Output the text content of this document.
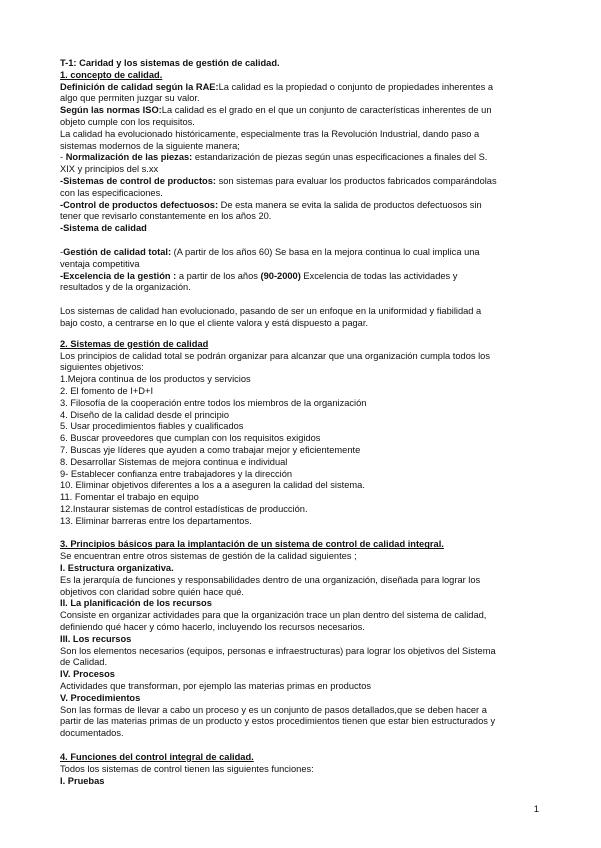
T-1: Caridad y los sistemas de gestión de calidad.
1. concepto de calidad.
Definición de calidad según la RAE:La calidad es la propiedad o conjunto de propiedades inherentes a
algo que permiten juzgar su valor.
Según las normas ISO:La calidad es el grado en el que un conjunto de características inherentes de un
objeto cumple con los requisitos.
La calidad ha evolucionado históricamente, especialmente tras la Revolución Industrial, dando paso a
sistemas modernos de la siguiente manera;
- Normalización de las piezas: estandarización de piezas según unas especificaciones a finales del S.
XIX y principios del s.xx
-Sistemas de control de productos: son sistemas para evaluar los productos fabricados comparándolas
con las especificaciones.
-Control de productos defectuosos: De esta manera se evita la salida de productos defectuosos sin
tener que revisarlo constantemente en los años 20.
-Sistema de calidad
-Gestión de calidad total: (A partir de los años 60) Se basa en la mejora continua lo cual implica una
ventaja competitiva
-Excelencia de la gestión : a partir de los años (90-2000) Excelencia de todas las actividades y
resultados y de la organización.
Los sistemas de calidad han evolucionado, pasando de ser un enfoque en la uniformidad y fiabilidad a
bajo costo, a centrarse en lo que el cliente valora y está dispuesto a pagar.
2. Sistemas de gestión de calidad
Los principios de calidad total se podrán organizar para alcanzar que una organización cumpla todos los
siguientes objetivos:
1.Mejora continua de los productos y servicios
2. El fomento de I+D+I
3. Filosofía de la cooperación entre todos los miembros de la organización
4. Diseño de la calidad desde el principio
5. Usar procedimientos fiables y cualificados
6. Buscar proveedores que cumplan con los requisitos exigidos
7. Buscas yje líderes que ayuden a como trabajar mejor y eficientemente
8. Desarrollar Sistemas de mejora continua e individual
9- Establecer confianza entre trabajadores y la dirección
10. Eliminar objetivos diferentes a los a a aseguren la calidad del sistema.
11. Fomentar el trabajo en equipo
12.Instaurar sistemas de control estadísticas de producción.
13. Eliminar barreras entre los departamentos.
3. Principios básicos para la implantación de un sistema de control de calidad integral.
Se encuentran entre otros sistemas de gestión de la calidad siguientes ;
I. Estructura organizativa.
Es la jerarquía de funciones y responsabilidades dentro de una organización, diseñada para lograr los
objetivos con claridad sobre quién hace qué.
II. La planificación de los recursos
Consiste en organizar actividades para que la organización trace un plan dentro del sistema de calidad,
definiendo qué hacer y cómo hacerlo, incluyendo los recursos necesarios.
III. Los recursos
Son los elementos necesarios (equipos, personas e infraestructuras) para lograr los objetivos del Sistema
de Calidad.
IV. Procesos
Actividades que transforman, por ejemplo las materias primas en productos
V. Procedimientos
Son las formas de llevar a cabo un proceso y es un conjunto de pasos detallados,que se deben hacer a
partir de las materias primas de un producto y estos procedimientos tienen que estar bien estructurados y
documentados.
4. Funciones del control integral de calidad.
Todos los sistemas de control tienen las siguientes funciones:
I. Pruebas
1
